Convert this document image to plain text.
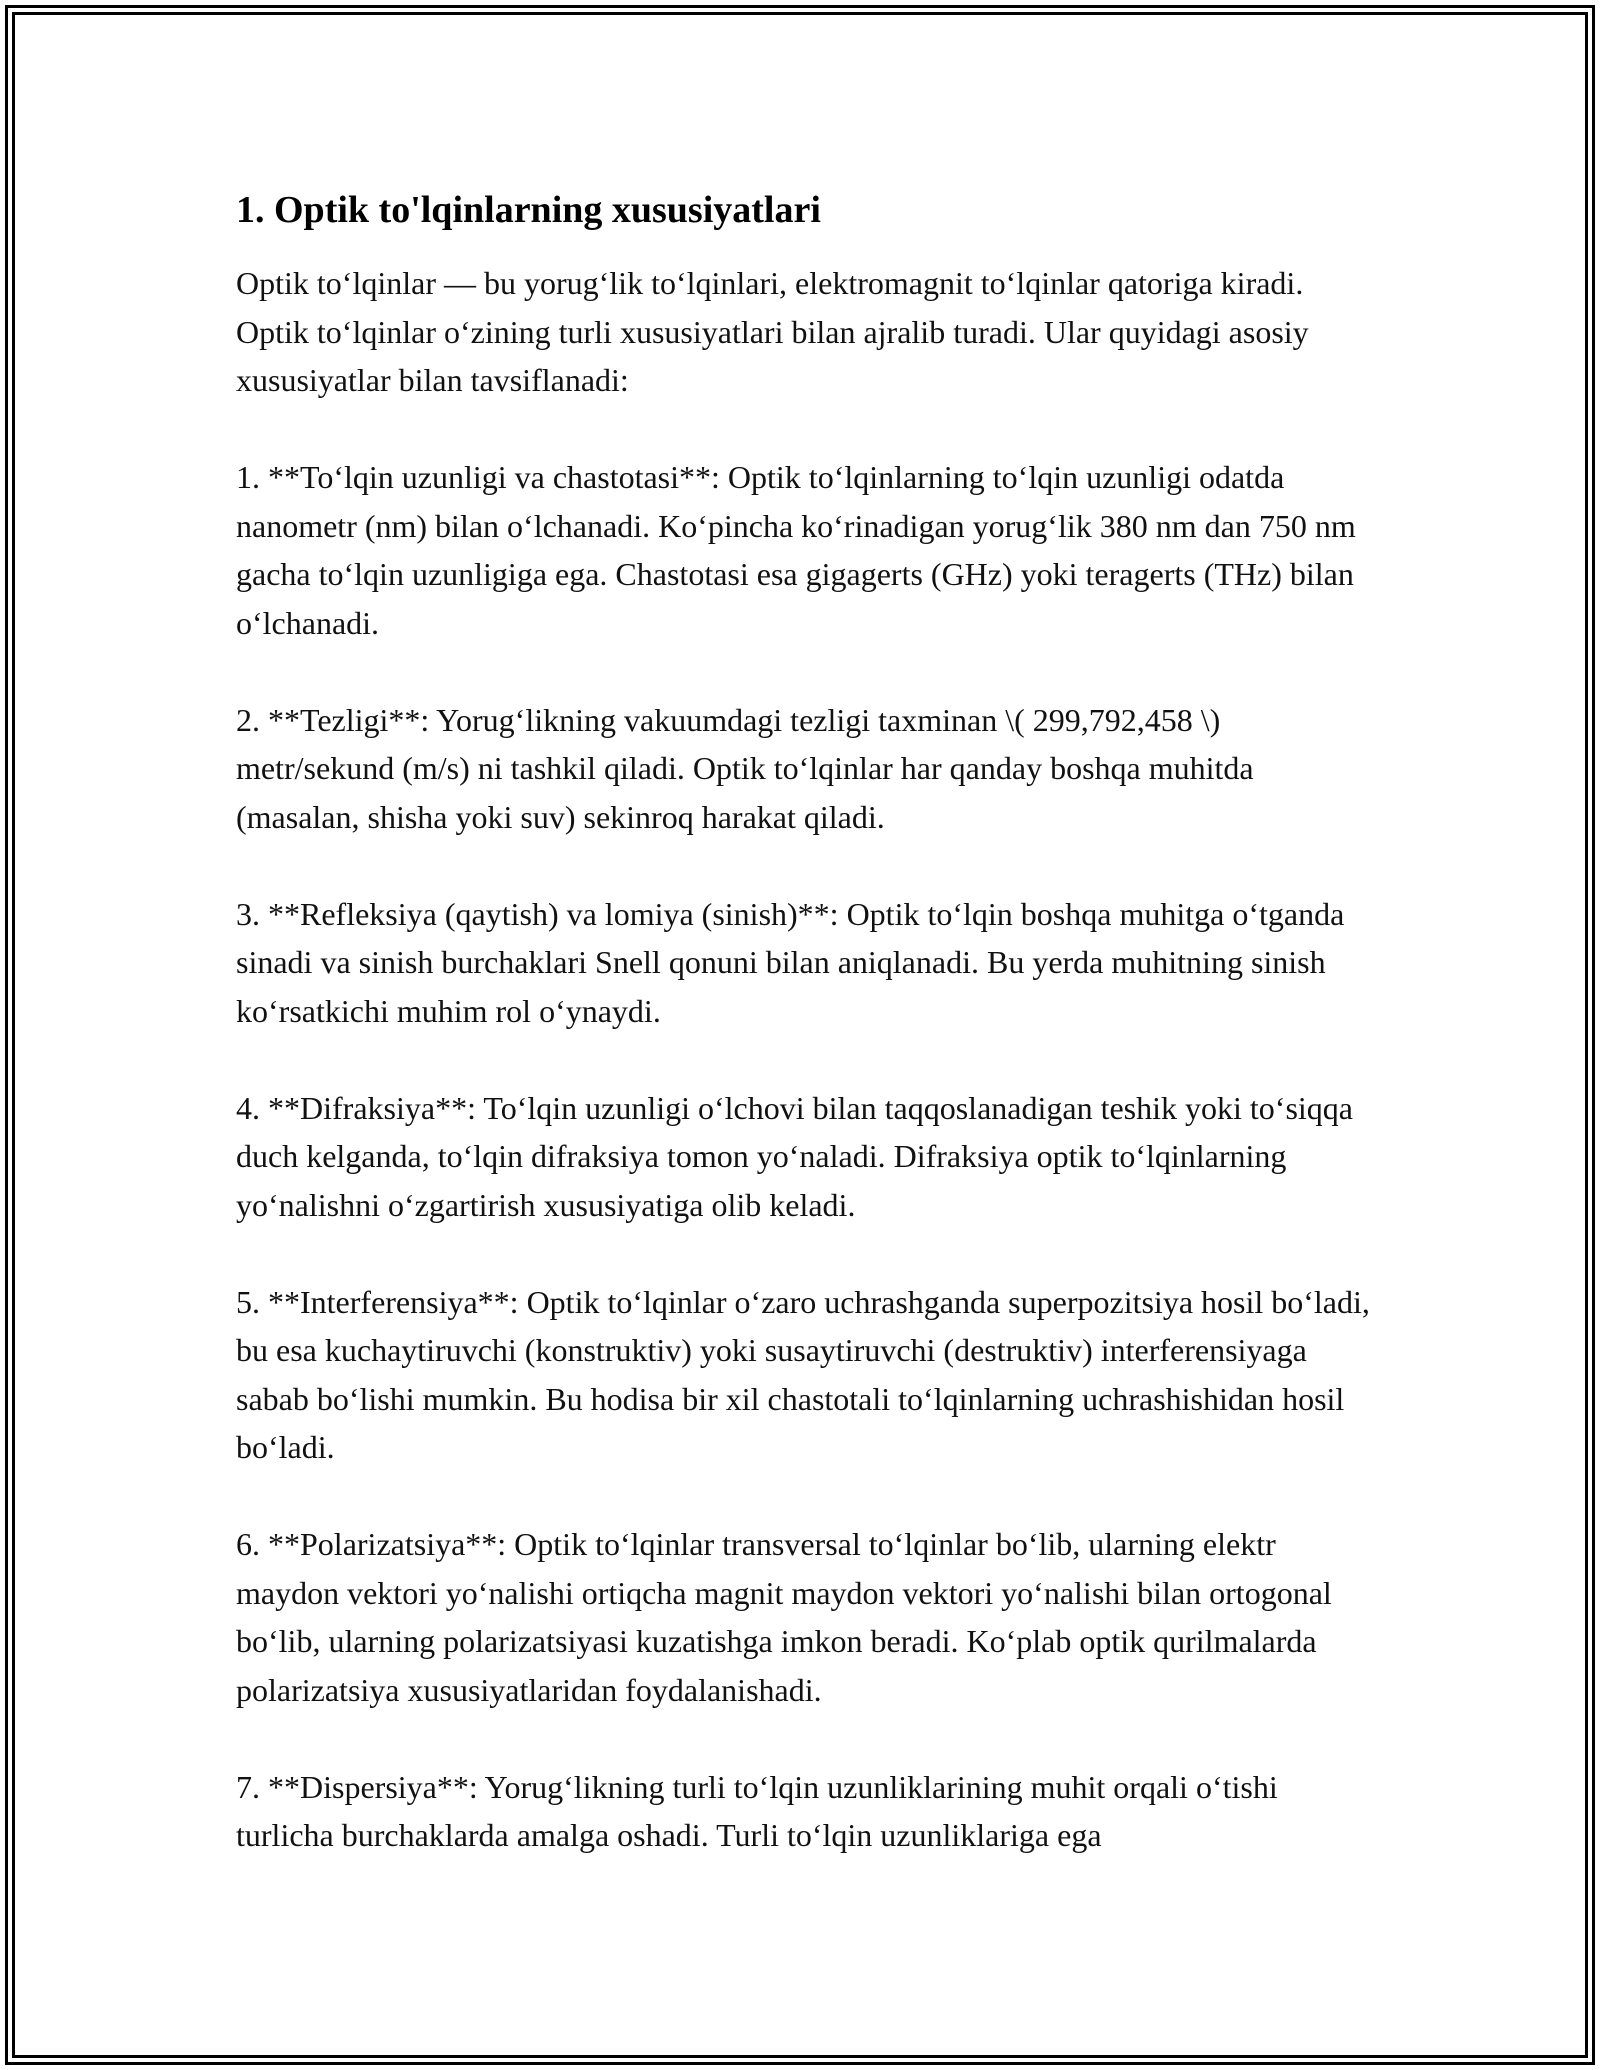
1. Optik to'lqinlarning xususiyatlari

Optik to‘lqinlar — bu yorug‘lik to‘lqinlari, elektromagnit to‘lqinlar qatoriga kiradi. Optik to‘lqinlar o‘zining turli xususiyatlari bilan ajralib turadi. Ular quyidagi asosiy xususiyatlar bilan tavsiflanadi:

1. **To‘lqin uzunligi va chastotasi**: Optik to‘lqinlarning to‘lqin uzunligi odatda nanometr (nm) bilan o‘lchanadi. Ko‘pincha ko‘rinadigan yorug‘lik 380 nm dan 750 nm gacha to‘lqin uzunligiga ega. Chastotasi esa gigagerts (GHz) yoki teragerts (THz) bilan o‘lchanadi.

2. **Tezligi**: Yorug‘likning vakuumdagi tezligi taxminan \( 299,792,458 \) metr/sekund (m/s) ni tashkil qiladi. Optik to‘lqinlar har qanday boshqa muhitda (masalan, shisha yoki suv) sekinroq harakat qiladi.

3. **Refleksiya (qaytish) va lomiya (sinish)**: Optik to‘lqin boshqa muhitga o‘tganda sinadi va sinish burchaklari Snell qonuni bilan aniqlanadi. Bu yerda muhitning sinish ko‘rsatkichi muhim rol o‘ynaydi.

4. **Difraksiya**: To‘lqin uzunligi o‘lchovi bilan taqqoslanadigan teshik yoki to‘siqqa duch kelganda, to‘lqin difraksiya tomon yo‘naladi. Difraksiya optik to‘lqinlarning yo‘nalishni o‘zgartirish xususiyatiga olib keladi.

5. **Interferensiya**: Optik to‘lqinlar o‘zaro uchrashganda superpozitsiya hosil bo‘ladi, bu esa kuchaytiruvchi (konstruktiv) yoki susaytiruvchi (destruktiv) interferensiyaga sabab bo‘lishi mumkin. Bu hodisa bir xil chastotali to‘lqinlarning uchrashishidan hosil bo‘ladi.

6. **Polarizatsiya**: Optik to‘lqinlar transversal to‘lqinlar bo‘lib, ularning elektr maydon vektori yo‘nalishi ortiqcha magnit maydon vektori yo‘nalishi bilan ortogonal bo‘lib, ularning polarizatsiyasi kuzatishga imkon beradi. Ko‘plab optik qurilmalarda polarizatsiya xususiyatlaridan foydalanishadi.

7. **Dispersiya**: Yorug‘likning turli to‘lqin uzunliklarining muhit orqali o‘tishi turlicha burchaklarda amalga oshadi. Turli to‘lqin uzunliklariga ega
